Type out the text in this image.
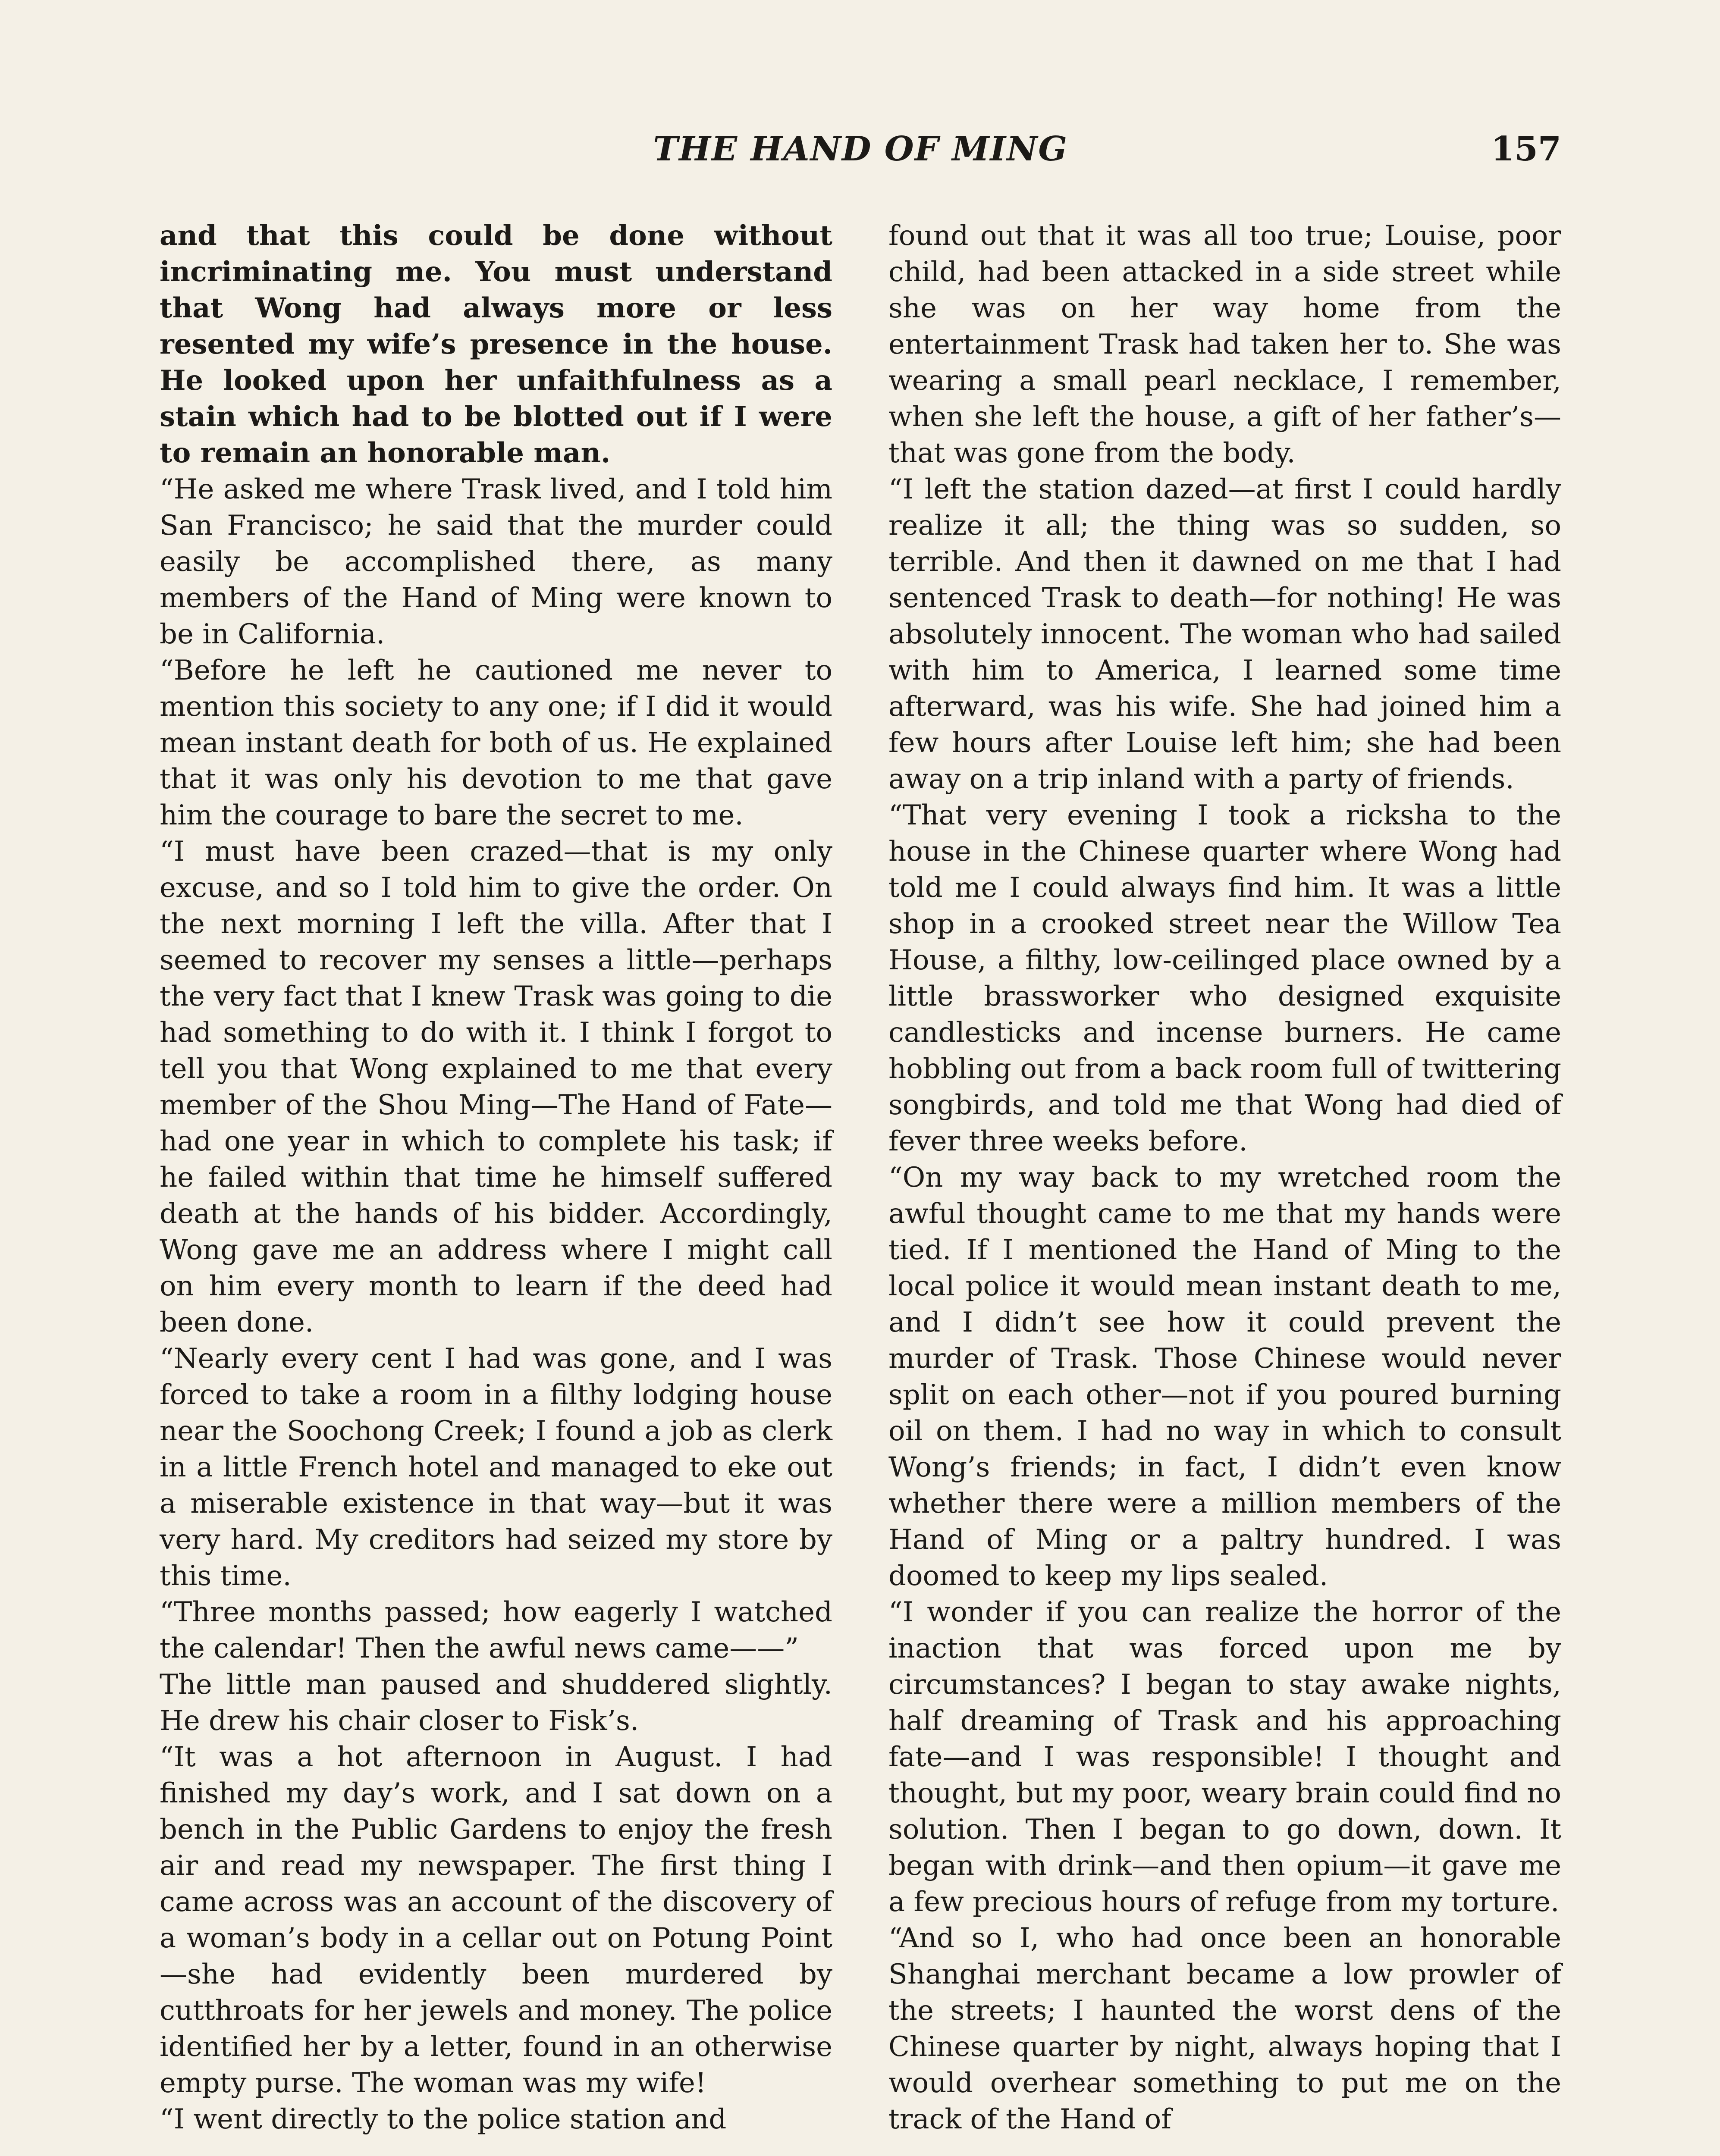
THE HAND OF MING	157

and that this could be done without incriminating me. You must understand that Wong had always more or less resented my wife’s presence in the house. He looked upon her unfaithfulness as a stain which had to be blotted out if I were to remain an honorable man.

“He asked me where Trask lived, and I told him San Francisco; he said that the murder could easily be accomplished there, as many members of the Hand of Ming were known to be in California.

“Before he left he cautioned me never to mention this society to any one; if I did it would mean instant death for both of us. He explained that it was only his devotion to me that gave him the courage to bare the secret to me.

“I must have been crazed—that is my only excuse, and so I told him to give the order. On the next morning I left the villa. After that I seemed to recover my senses a little—perhaps the very fact that I knew Trask was going to die had something to do with it. I think I forgot to tell you that Wong explained to me that every member of the Shou Ming—The Hand of Fate—had one year in which to complete his task; if he failed within that time he himself suffered death at the hands of his bidder. Accordingly, Wong gave me an address where I might call on him every month to learn if the deed had been done.

“Nearly every cent I had was gone, and I was forced to take a room in a filthy lodging house near the Soochong Creek; I found a job as clerk in a little French hotel and managed to eke out a miserable existence in that way—but it was very hard. My creditors had seized my store by this time.

“Three months passed; how eagerly I watched the calendar! Then the awful news came——”

The little man paused and shuddered slightly. He drew his chair closer to Fisk’s.

“It was a hot afternoon in August. I had finished my day’s work, and I sat down on a bench in the Public Gardens to enjoy the fresh air and read my newspaper. The first thing I came across was an account of the discovery of a woman’s body in a cellar out on Potung Point—she had evidently been murdered by cutthroats for her jewels and money. The police identified her by a letter, found in an otherwise empty purse. The woman was my wife!

“I went directly to the police station and

found out that it was all too true; Louise, poor child, had been attacked in a side street while she was on her way home from the entertainment Trask had taken her to. She was wearing a small pearl necklace, I remember, when she left the house, a gift of her father’s—that was gone from the body.

“I left the station dazed—at first I could hardly realize it all; the thing was so sudden, so terrible. And then it dawned on me that I had sentenced Trask to death—for nothing! He was absolutely innocent. The woman who had sailed with him to America, I learned some time afterward, was his wife. She had joined him a few hours after Louise left him; she had been away on a trip inland with a party of friends.

“That very evening I took a ricksha to the house in the Chinese quarter where Wong had told me I could always find him. It was a little shop in a crooked street near the Willow Tea House, a filthy, low-ceilinged place owned by a little brassworker who designed exquisite candlesticks and incense burners. He came hobbling out from a back room full of twittering songbirds, and told me that Wong had died of fever three weeks before.

“On my way back to my wretched room the awful thought came to me that my hands were tied. If I mentioned the Hand of Ming to the local police it would mean instant death to me, and I didn’t see how it could prevent the murder of Trask. Those Chinese would never split on each other—not if you poured burning oil on them. I had no way in which to consult Wong’s friends; in fact, I didn’t even know whether there were a million members of the Hand of Ming or a paltry hundred. I was doomed to keep my lips sealed.

“I wonder if you can realize the horror of the inaction that was forced upon me by circumstances? I began to stay awake nights, half dreaming of Trask and his approaching fate—and I was responsible! I thought and thought, but my poor, weary brain could find no solution. Then I began to go down, down. It began with drink—and then opium—it gave me a few precious hours of refuge from my torture.

“And so I, who had once been an honorable Shanghai merchant became a low prowler of the streets; I haunted the worst dens of the Chinese quarter by night, always hoping that I would overhear something to put me on the track of the Hand of
